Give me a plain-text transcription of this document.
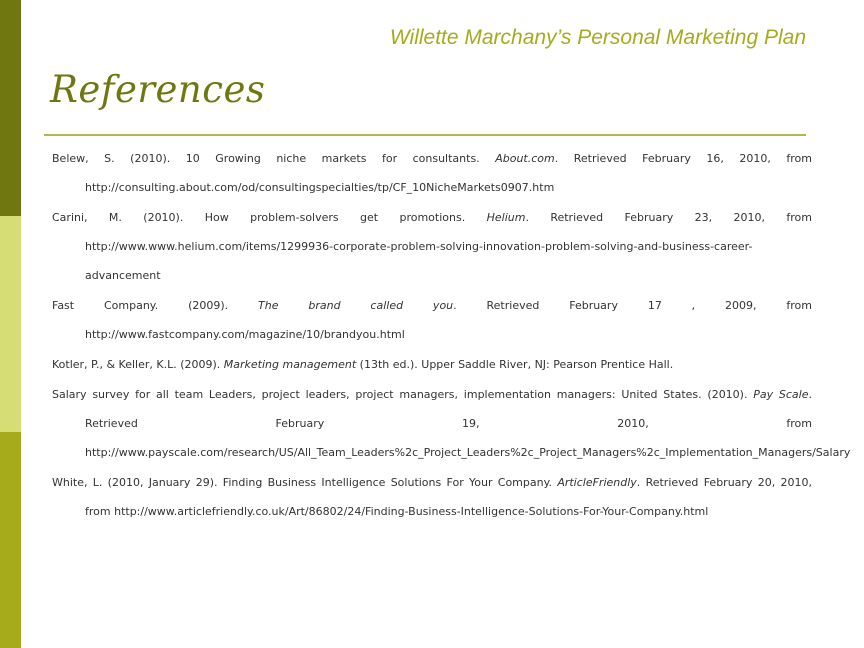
Willette Marchany’s Personal Marketing Plan
References

Belew, S. (2010). 10 Growing niche markets for consultants. About.com. Retrieved February 16, 2010, from http://consulting.about.com/od/consultingspecialties/tp/CF_10NicheMarkets0907.htm

Carini, M. (2010). How problem-solvers get promotions. Helium. Retrieved February 23, 2010, from http://www.www.helium.com/items/1299936-corporate-problem-solving-innovation-problem-solving-and-business-career-advancement

Fast Company. (2009). The brand called you. Retrieved February 17 , 2009, from http://www.fastcompany.com/magazine/10/brandyou.html

Kotler, P., & Keller, K.L. (2009). Marketing management (13th ed.). Upper Saddle River, NJ: Pearson Prentice Hall.

Salary survey for all team Leaders, project leaders, project managers, implementation managers: United States. (2010). Pay Scale. Retrieved February 19, 2010, from http://www.payscale.com/research/US/All_Team_Leaders%2c_Project_Leaders%2c_Project_Managers%2c_Implementation_Managers/Salary

White, L. (2010, January 29). Finding Business Intelligence Solutions For Your Company. ArticleFriendly. Retrieved February 20, 2010, from http://www.articlefriendly.co.uk/Art/86802/24/Finding-Business-Intelligence-Solutions-For-Your-Company.html
